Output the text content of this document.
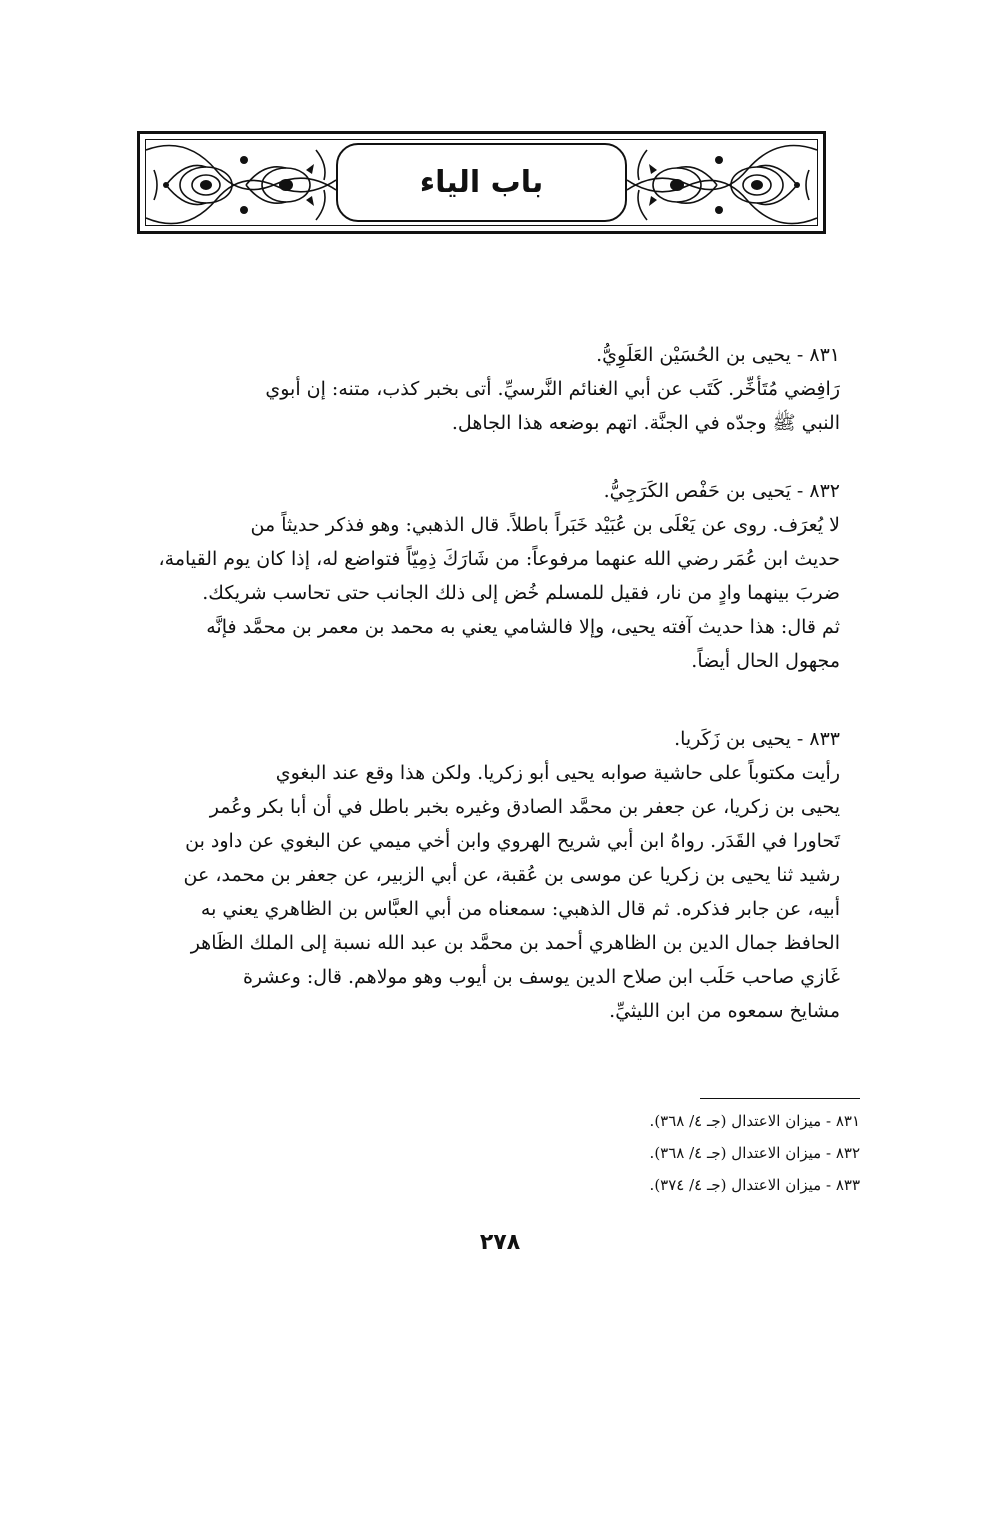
باب الياء

٨٣١ - يحيى بن الحُسَيْن العَلَوِيُّ.

رَافِضي مُتَأخِّر. كَتَب عن أبي الغنائم النَّرسيِّ. أتى بخبر كذب، متنه: إن أبوي

النبي ﷺ وجدّه في الجنَّة. اتهم بوضعه هذا الجاهل.

٨٣٢ - يَحيى بن حَفْص الكَرَجِيُّ.

لا يُعرَف. روى عن يَعْلَى بن عُبَيْد خَبَراً باطلاً. قال الذهبي: وهو فذكر حديثاً من

حديث ابن عُمَر رضي الله عنهما مرفوعاً: من شَارَكَ ذِمِيّاً فتواضع له، إذا كان يوم القيامة،

ضربَ بينهما وادٍ من نار، فقيل للمسلم خُض إلى ذلك الجانب حتى تحاسب شريكك.

ثم قال: هذا حديث آفته يحيى، وإلا فالشامي يعني به محمد بن معمر بن محمَّد فإنَّه

مجهول الحال أيضاً.

٨٣٣ - يحيى بن زَكَريا.

رأيت مكتوباً على حاشية صوابه يحيى أبو زكريا. ولكن هذا وقع عند البغوي

يحيى بن زكريا، عن جعفر بن محمَّد الصادق وغيره بخبر باطل في أن أبا بكر وعُمر

تَحاورا في القَدَر. رواهُ ابن أبي شريح الهروي وابن أخي ميمي عن البغوي عن داود بن

رشيد ثنا يحيى بن زكريا عن موسى بن عُقبة، عن أبي الزبير، عن جعفر بن محمد، عن

أبيه، عن جابر فذكره. ثم قال الذهبي: سمعناه من أبي العبَّاس بن الظاهري يعني به

الحافظ جمال الدين بن الظاهري أحمد بن محمَّد بن عبد الله نسبة إلى الملك الظَاهر

غَازي صاحب حَلَب ابن صلاح الدين يوسف بن أيوب وهو مولاهم. قال: وعشرة

مشايخ سمعوه من ابن الليثيِّ.

٨٣١ - ميزان الاعتدال (جـ ٤/ ٣٦٨).

٨٣٢ - ميزان الاعتدال (جـ ٤/ ٣٦٨).

٨٣٣ - ميزان الاعتدال (جـ ٤/ ٣٧٤).

٢٧٨
